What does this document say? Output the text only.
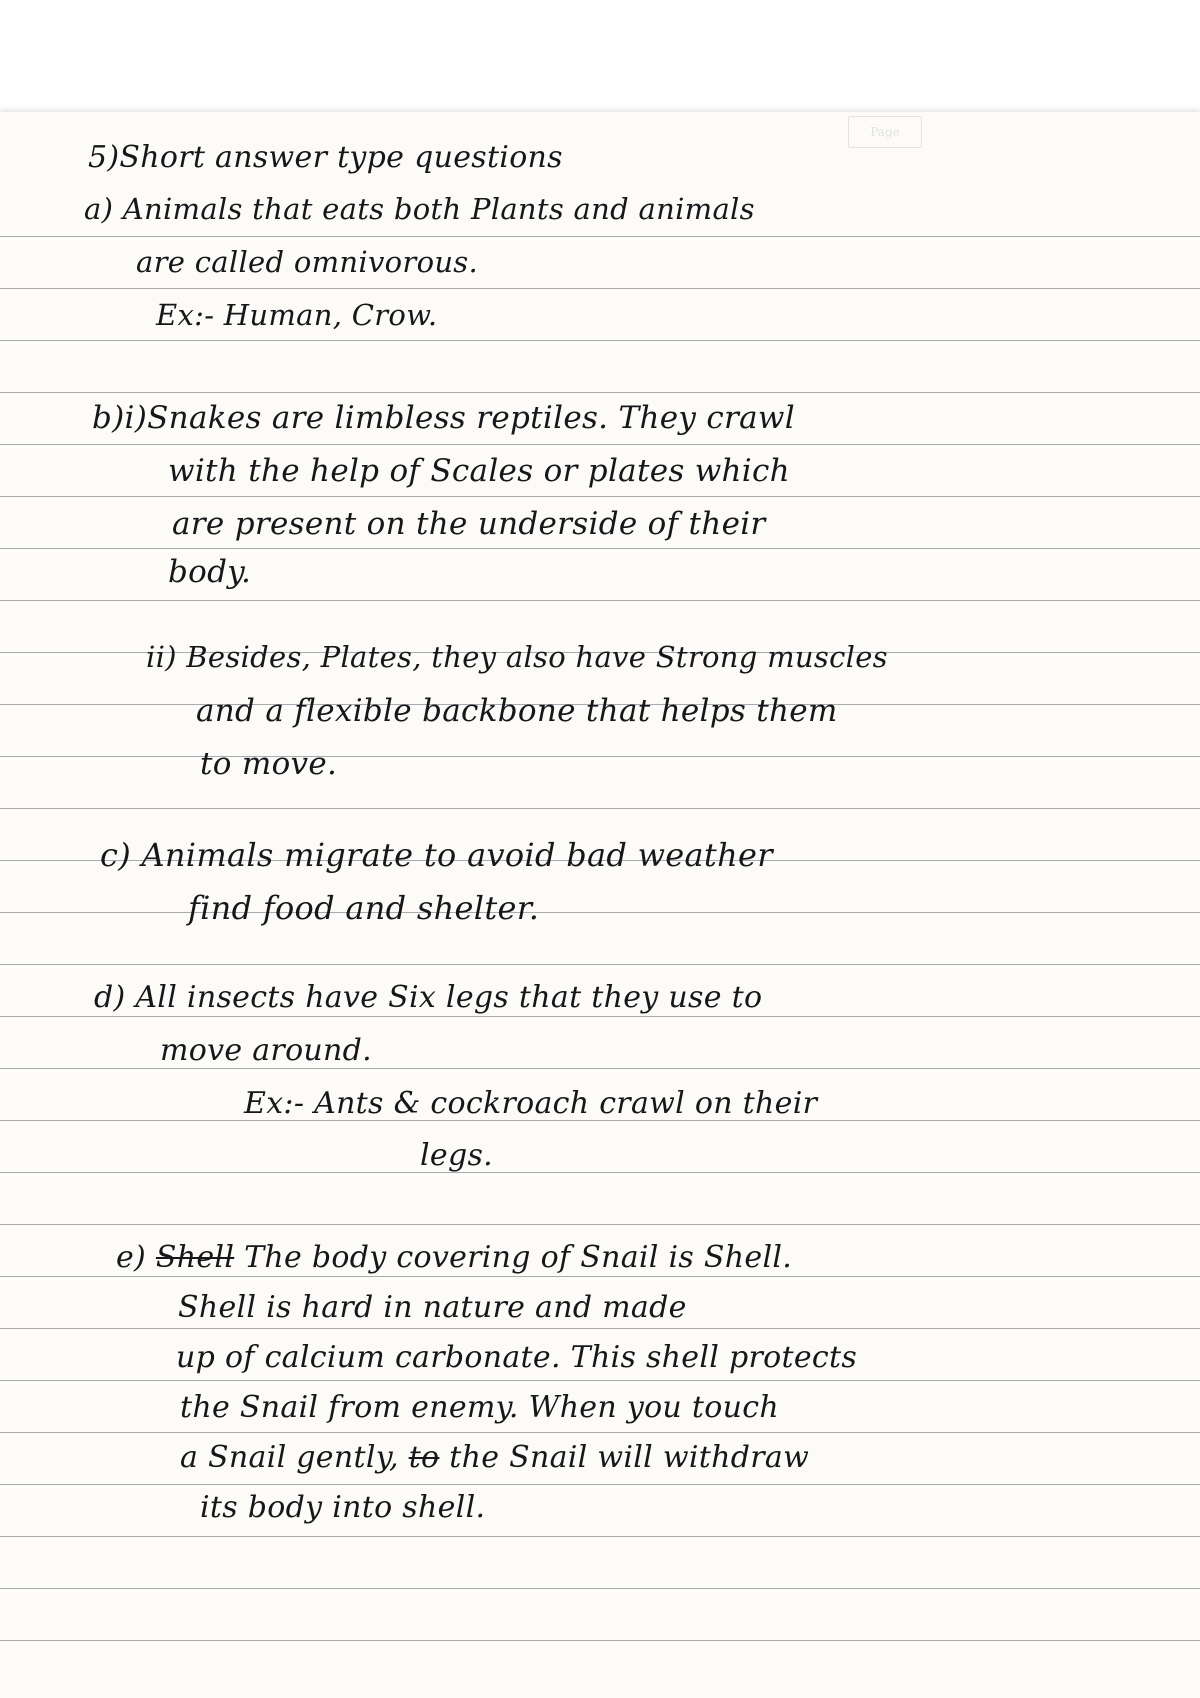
Page
5)Short answer type questions
a) Animals that eats both Plants and animals
are called omnivorous.
Ex:- Human, Crow.
b)i)Snakes are limbless reptiles. They crawl
with the help of Scales or plates which
are present on the underside of their
body.
ii) Besides, Plates, they also have Strong muscles
and a flexible backbone that helps them
to move.
c) Animals migrate to avoid bad weather
find food and shelter.
d) All insects have Six legs that they use to
move around.
Ex:- Ants & cockroach crawl on their
legs.
e) Shell The body covering of Snail is Shell.
Shell is hard in nature and made
up of calcium carbonate. This shell protects
the Snail from enemy. When you touch
a Snail gently, to the Snail will withdraw
its body into shell.
